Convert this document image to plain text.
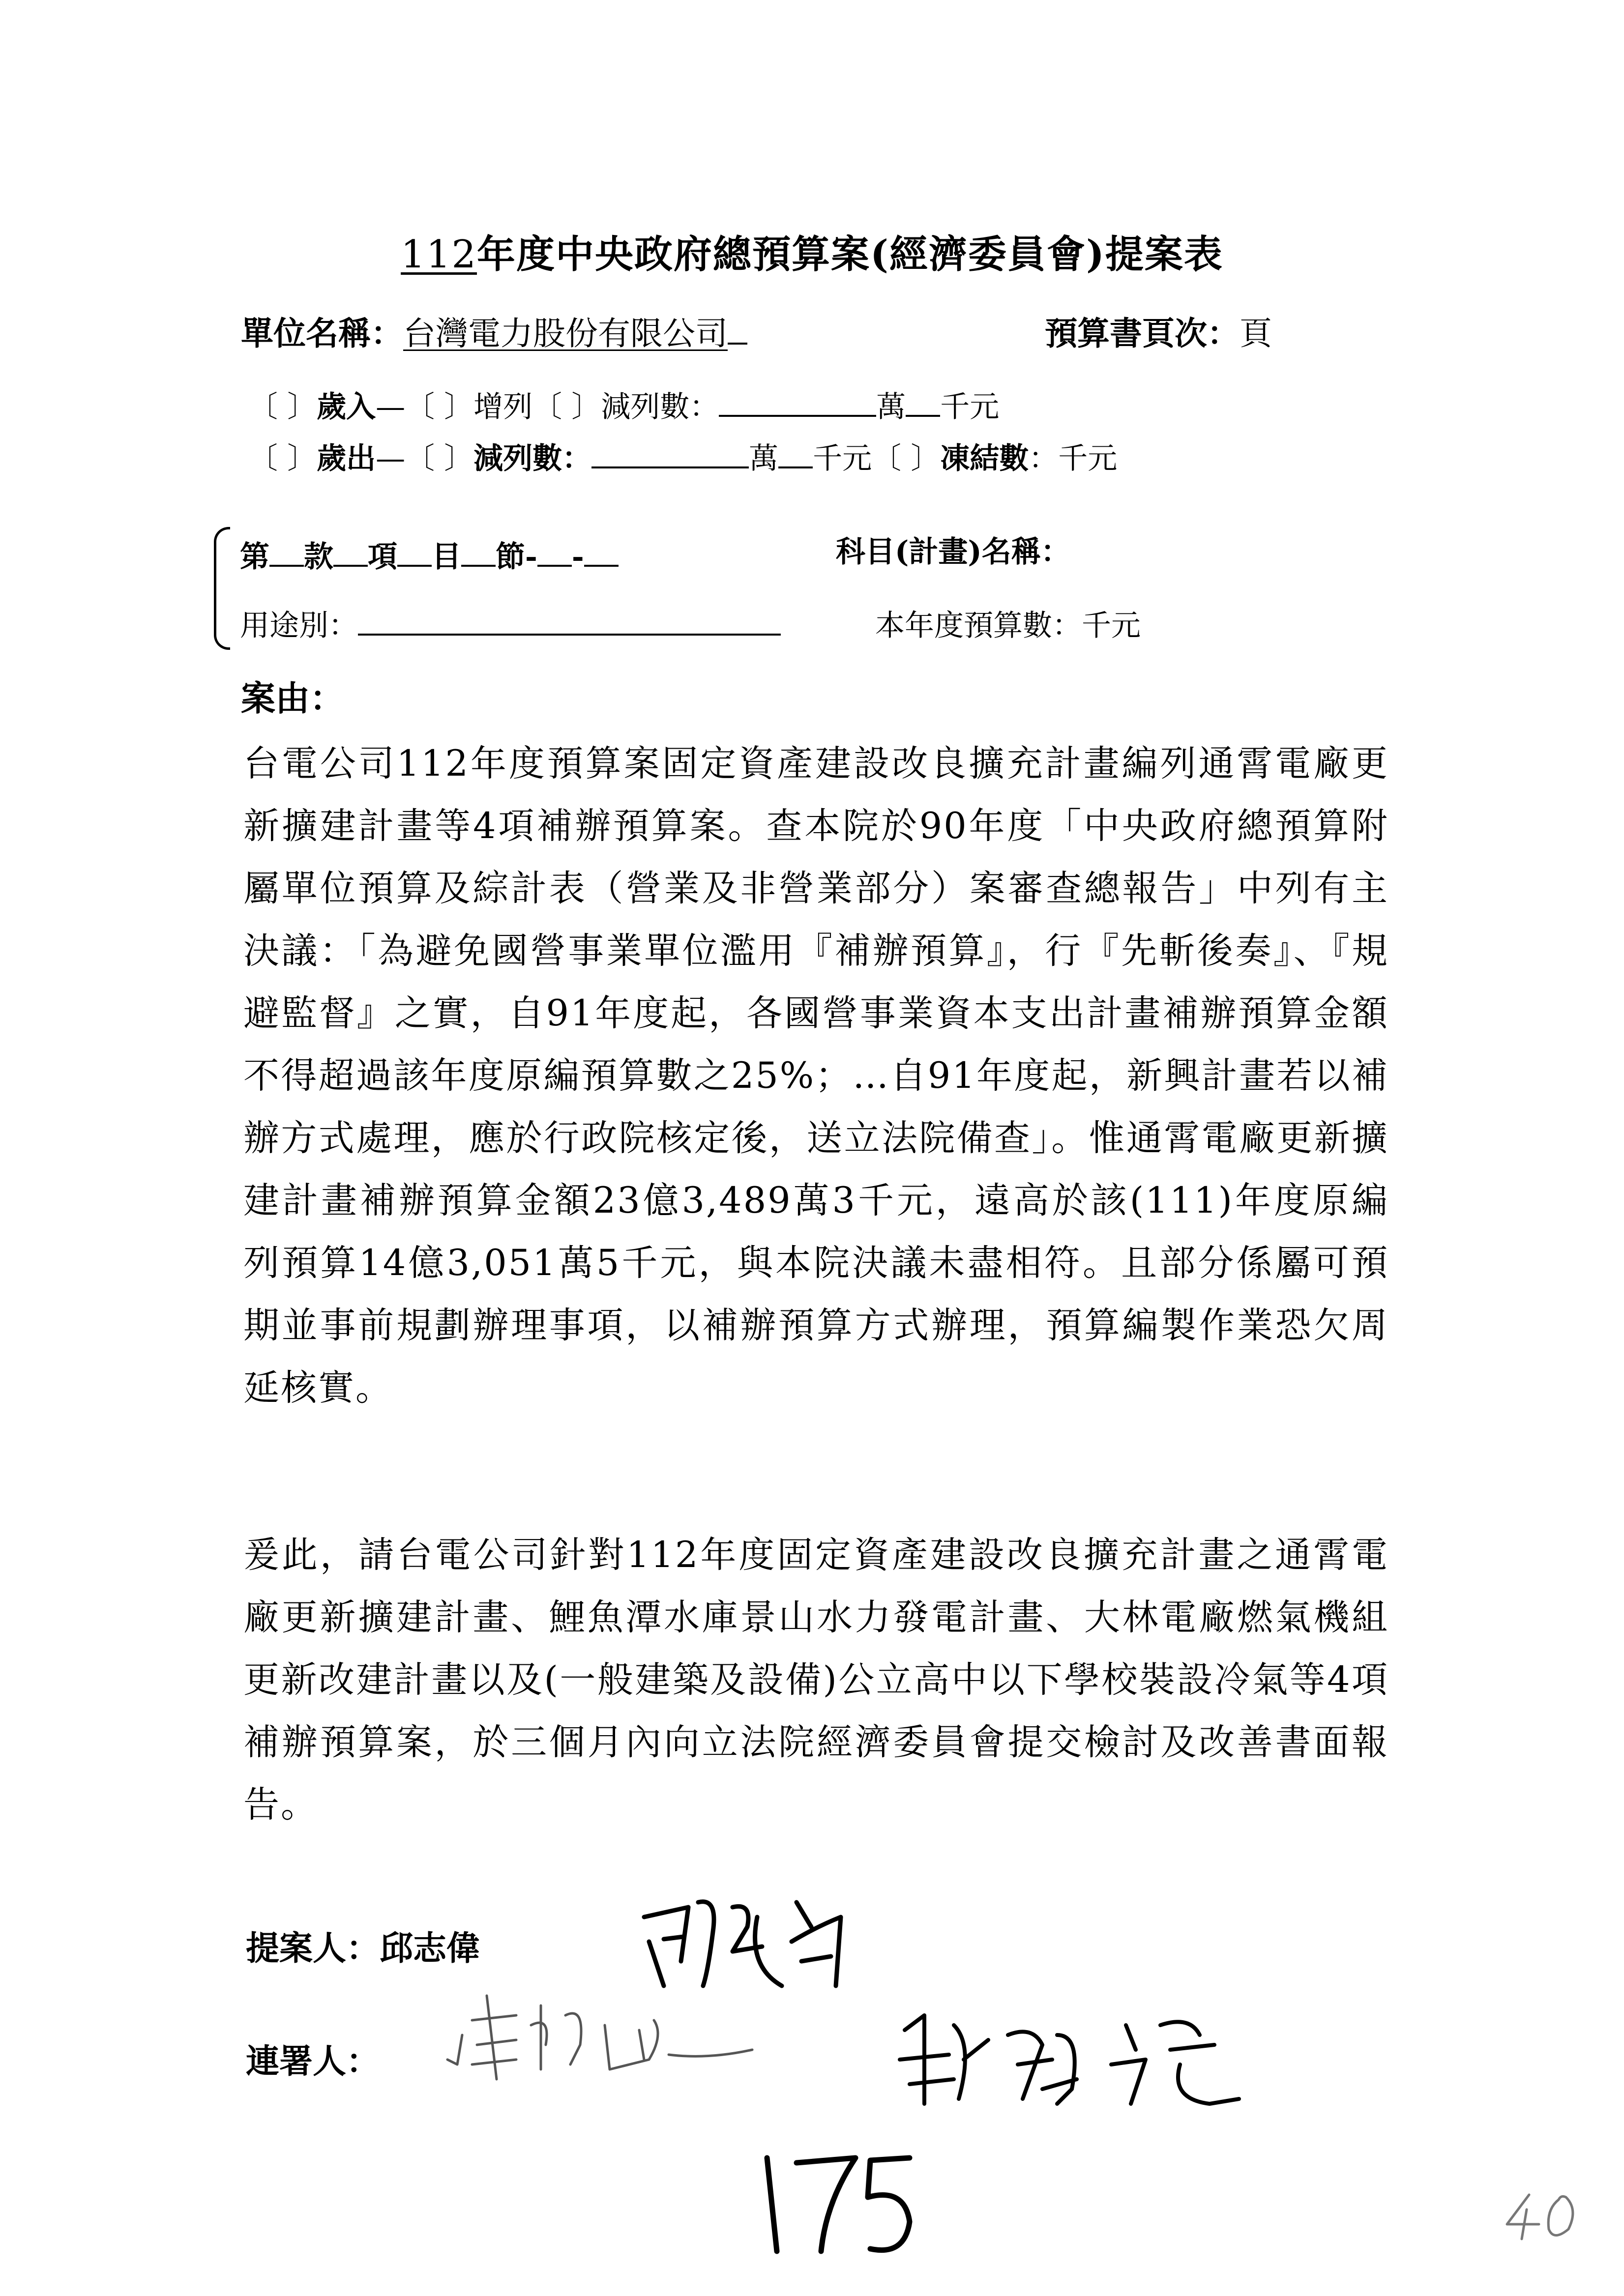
112年度中央政府總預算案(經濟委員會)提案表
單位名稱：台灣電力股份有限公司	預算書頁次：頁
〔 〕歲入—〔 〕增列〔 〕減列數：	萬 千元
〔 〕歲出—〔 〕減列數：	萬 千元〔 〕凍結數：千元
第 款 項 目 節- -	科目(計畫)名稱：
用途別：	本年度預算數：千元
案由：
台電公司112年度預算案固定資產建設改良擴充計畫編列通霄電廠更新擴建計畫等4項補辦預算案。查本院於90年度「中央政府總預算附屬單位預算及綜計表（營業及非營業部分）案審查總報告」中列有主決議：「為避免國營事業單位濫用『補辦預算』，行『先斬後奏』、『規避監督』之實，自91年度起，各國營事業資本支出計畫補辦預算金額不得超過該年度原編預算數之25%；…自91年度起，新興計畫若以補辦方式處理，應於行政院核定後，送立法院備查」。惟通霄電廠更新擴建計畫補辦預算金額23億3,489萬3千元，遠高於該(111)年度原編列預算14億3,051萬5千元，與本院決議未盡相符。且部分係屬可預期並事前規劃辦理事項，以補辦預算方式辦理，預算編製作業恐欠周延核實。
爰此，請台電公司針對112年度固定資產建設改良擴充計畫之通霄電廠更新擴建計畫、鯉魚潭水庫景山水力發電計畫、大林電廠燃氣機組更新改建計畫以及(一般建築及設備)公立高中以下學校裝設冷氣等4項補辦預算案，於三個月內向立法院經濟委員會提交檢討及改善書面報告。
提案人：邱志偉
連署人：
